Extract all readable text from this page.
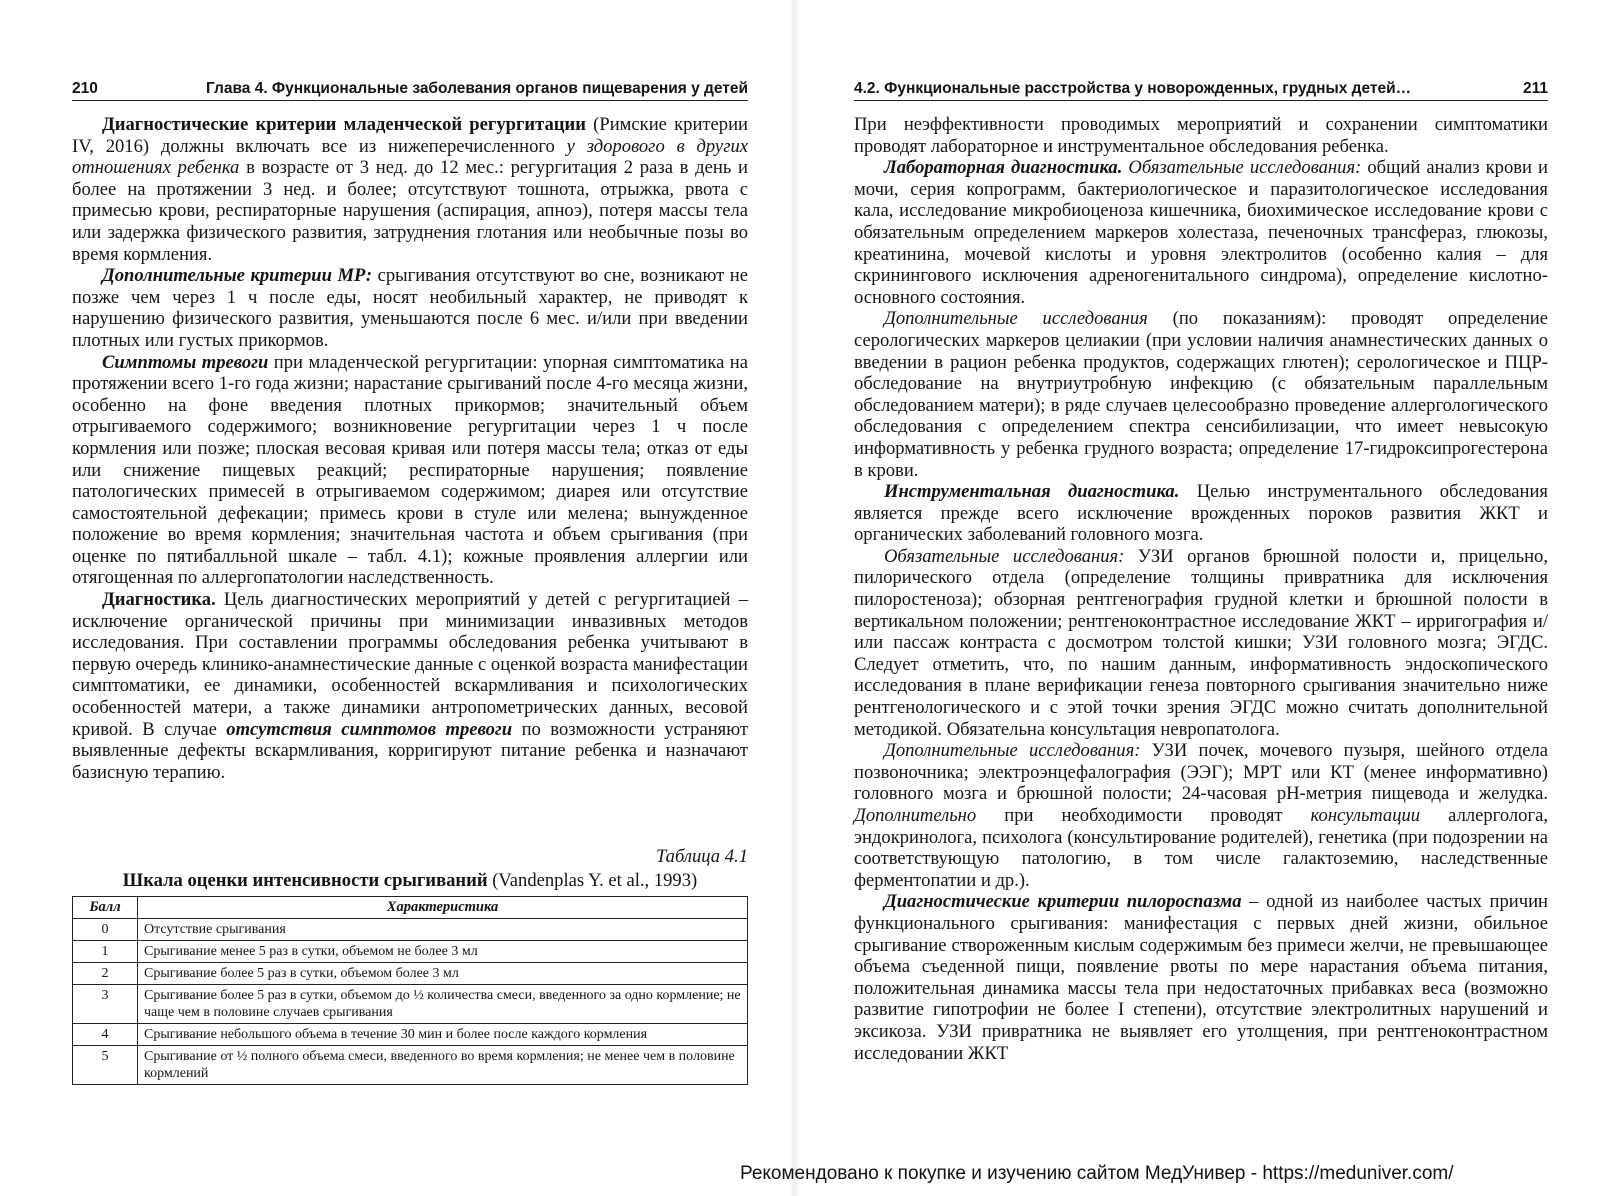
210	Глава 4. Функциональные заболевания органов пищеварения у детей

Диагностические критерии младенческой регургитации (Римские критерии IV, 2016) должны включать все из нижеперечисленного у здорового в других отношениях ребенка в возрасте от 3 нед. до 12 мес.: регургитация 2 раза в день и более на протяжении 3 нед. и более; отсутствуют тошнота, отрыжка, рвота с примесью крови, респираторные нарушения (аспирация, апноэ), потеря массы тела или задержка физического развития, затруднения глотания или необычные позы во время кормления.

Дополнительные критерии МР: срыгивания отсутствуют во сне, возникают не позже чем через 1 ч после еды, носят необильный характер, не приводят к нарушению физического развития, уменьшаются после 6 мес. и/или при введении плотных или густых прикормов.

Симптомы тревоги при младенческой регургитации: упорная симптоматика на протяжении всего 1-го года жизни; нарастание срыгиваний после 4-го месяца жизни, особенно на фоне введения плотных прикормов; значительный объем отрыгиваемого содержимого; возникновение регургитации через 1 ч после кормления или позже; плоская весовая кривая или потеря массы тела; отказ от еды или снижение пищевых реакций; респираторные нарушения; появление патологических примесей в отрыгиваемом содержимом; диарея или отсутствие самостоятельной дефекации; примесь крови в стуле или мелена; вынужденное положение во время кормления; значительная частота и объем срыгивания (при оценке по пятибалльной шкале – табл. 4.1); кожные проявления аллергии или отягощенная по аллергопатологии наследственность.

Диагностика. Цель диагностических мероприятий у детей с регургитацией – исключение органической причины при минимизации инвазивных методов исследования. При составлении программы обследования ребенка учитывают в первую очередь клинико-анамнестические данные с оценкой возраста манифестации симптоматики, ее динамики, особенностей вскармливания и психологических особенностей матери, а также динамики антропометрических данных, весовой кривой. В случае отсутствия симптомов тревоги по возможности устраняют выявленные дефекты вскармливания, корригируют питание ребенка и назначают базисную терапию.

Таблица 4.1
Шкала оценки интенсивности срыгиваний (Vandenplas Y. et al., 1993)
Балл	Характеристика
0	Отсутствие срыгивания
1	Срыгивание менее 5 раз в сутки, объемом не более 3 мл
2	Срыгивание более 5 раз в сутки, объемом более 3 мл
3	Срыгивание более 5 раз в сутки, объемом до ½ количества смеси, введенного за одно кормление; не чаще чем в половине случаев срыгивания
4	Срыгивание небольшого объема в течение 30 мин и более после каждого кормления
5	Срыгивание от ½ полного объема смеси, введенного во время кормления; не менее чем в половине кормлений
4.2. Функциональные расстройства у новорожденных, грудных детей…	211

При неэффективности проводимых мероприятий и сохранении симптоматики проводят лабораторное и инструментальное обследования ребенка.

Лабораторная диагностика. Обязательные исследования: общий анализ крови и мочи, серия копрограмм, бактериологическое и паразитологическое исследования кала, исследование микробиоценоза кишечника, биохимическое исследование крови с обязательным определением маркеров холестаза, печеночных трансфераз, глюкозы, креатинина, мочевой кислоты и уровня электролитов (особенно калия – для скринингового исключения адреногенитального синдрома), определение кислотно-основного состояния.

Дополнительные исследования (по показаниям): проводят определение серологических маркеров целиакии (при условии наличия анамнестических данных о введении в рацион ребенка продуктов, содержащих глютен); серологическое и ПЦР-обследование на внутриутробную инфекцию (с обязательным параллельным обследованием матери); в ряде случаев целесообразно проведение аллергологического обследования с определением спектра сенсибилизации, что имеет невысокую информативность у ребенка грудного возраста; определение 17-гидроксипрогестерона в крови.

Инструментальная диагностика. Целью инструментального обследования является прежде всего исключение врожденных пороков развития ЖКТ и органических заболеваний головного мозга.

Обязательные исследования: УЗИ органов брюшной полости и, прицельно, пилорического отдела (определение толщины привратника для исключения пилоростеноза); обзорная рентгенография грудной клетки и брюшной полости в вертикальном положении; рентгеноконтрастное исследование ЖКТ – ирригография и/или пассаж контраста с досмотром толстой кишки; УЗИ головного мозга; ЭГДС. Следует отметить, что, по нашим данным, информативность эндоскопического исследования в плане верификации генеза повторного срыгивания значительно ниже рентгенологического и с этой точки зрения ЭГДС можно считать дополнительной методикой. Обязательна консультация невропатолога.

Дополнительные исследования: УЗИ почек, мочевого пузыря, шейного отдела позвоночника; электроэнцефалография (ЭЭГ); МРТ или КТ (менее информативно) головного мозга и брюшной полости; 24-часовая pH-метрия пищевода и желудка. Дополнительно при необходимости проводят консультации аллерголога, эндокринолога, психолога (консультирование родителей), генетика (при подозрении на соответствующую патологию, в том числе галактоземию, наследственные ферментопатии и др.).

Диагностические критерии пилороспазма – одной из наиболее частых причин функционального срыгивания: манифестация с первых дней жизни, обильное срыгивание створоженным кислым содержимым без примеси желчи, не превышающее объема съеденной пищи, появление рвоты по мере нарастания объема питания, положительная динамика массы тела при недостаточных прибавках веса (возможно развитие гипотрофии не более I степени), отсутствие электролитных нарушений и эксикоза. УЗИ привратника не выявляет его утолщения, при рентгеноконтрастном исследовании ЖКТ

Рекомендовано к покупке и изучению сайтом МедУнивер - https://meduniver.com/
